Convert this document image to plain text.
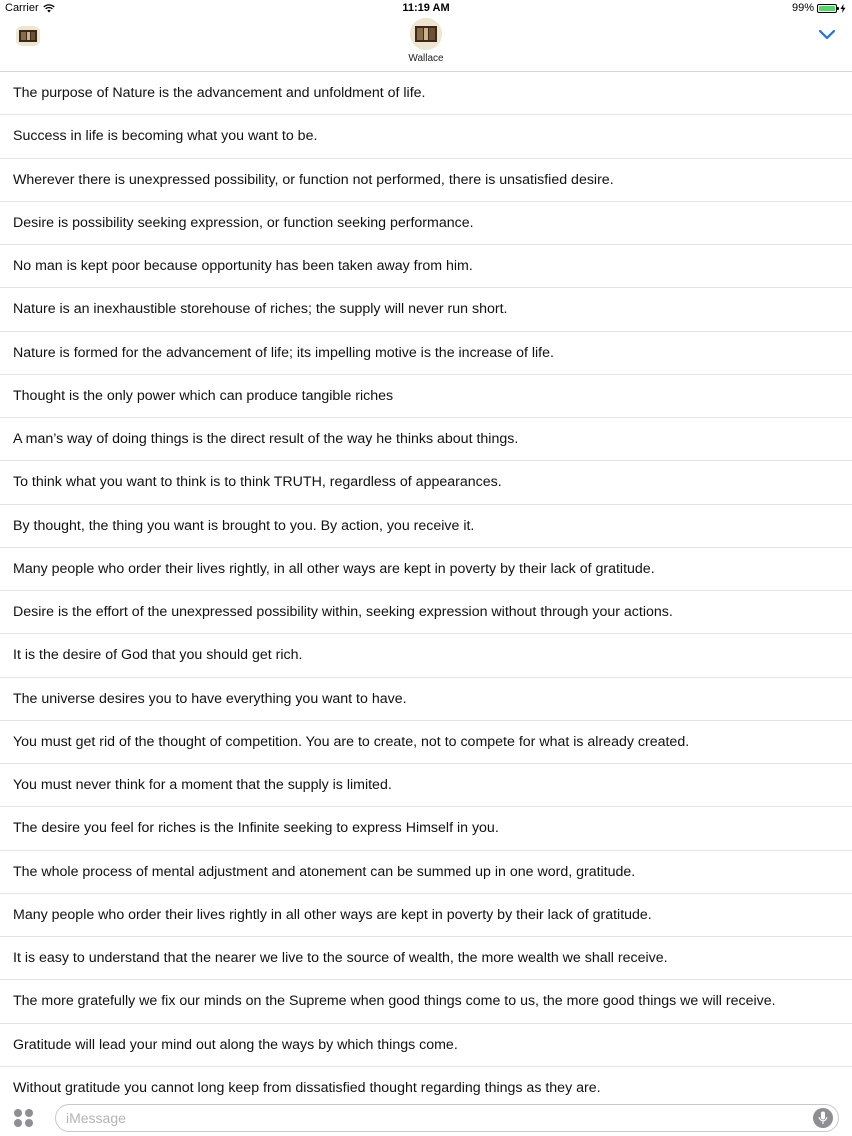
Carrier	11:19 AM	99%
Wallace
The purpose of Nature is the advancement and unfoldment of life.
Success in life is becoming what you want to be.
Wherever there is unexpressed possibility, or function not performed, there is unsatisfied desire.
Desire is possibility seeking expression, or function seeking performance.
No man is kept poor because opportunity has been taken away from him.
Nature is an inexhaustible storehouse of riches; the supply will never run short.
Nature is formed for the advancement of life; its impelling motive is the increase of life.
Thought is the only power which can produce tangible riches
A man’s way of doing things is the direct result of the way he thinks about things.
To think what you want to think is to think TRUTH, regardless of appearances.
By thought, the thing you want is brought to you. By action, you receive it.
Many people who order their lives rightly, in all other ways are kept in poverty by their lack of gratitude.
Desire is the effort of the unexpressed possibility within, seeking expression without through your actions.
It is the desire of God that you should get rich.
The universe desires you to have everything you want to have.
You must get rid of the thought of competition. You are to create, not to compete for what is already created.
You must never think for a moment that the supply is limited.
The desire you feel for riches is the Infinite seeking to express Himself in you.
The whole process of mental adjustment and atonement can be summed up in one word, gratitude.
Many people who order their lives rightly in all other ways are kept in poverty by their lack of gratitude.
It is easy to understand that the nearer we live to the source of wealth, the more wealth we shall receive.
The more gratefully we fix our minds on the Supreme when good things come to us, the more good things we will receive.
Gratitude will lead your mind out along the ways by which things come.
Without gratitude you cannot long keep from dissatisfied thought regarding things as they are.
iMessage
